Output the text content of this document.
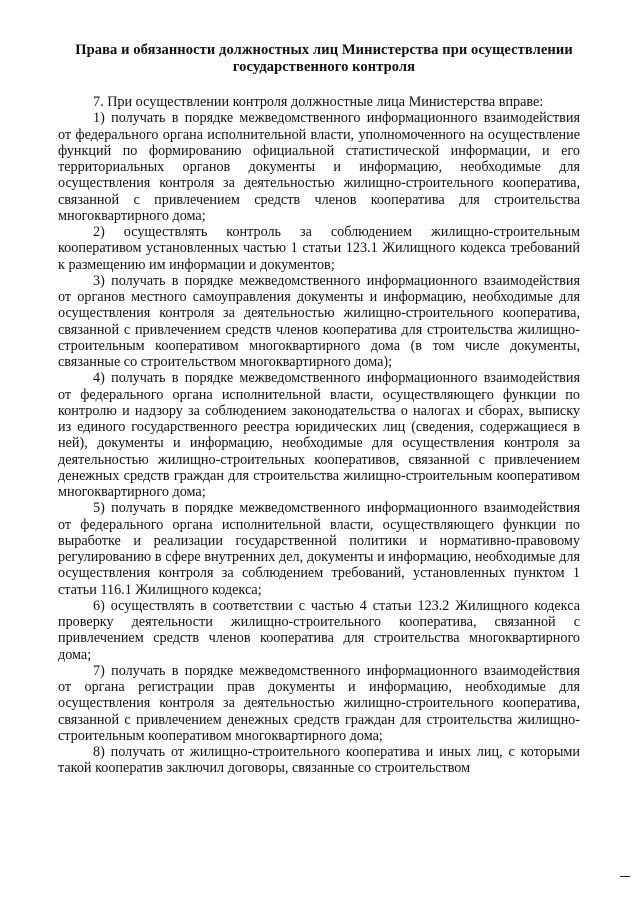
Права и обязанности должностных лиц Министерства при осуществлении
государственного контроля

7. При осуществлении контроля должностные лица Министерства вправе:

1) получать в порядке межведомственного информационного взаимодействия от федерального органа исполнительной власти, уполномоченного на осуществление функций по формированию официальной статистической информации, и его территориальных органов документы и информацию, необходимые для осуществления контроля за деятельностью жилищно-строительного кооператива, связанной с привлечением средств членов кооператива для строительства многоквартирного дома;

2) осуществлять контроль за соблюдением жилищно-строительным кооперативом установленных частью 1 статьи 123.1 Жилищного кодекса требований к размещению им информации и документов;

3) получать в порядке межведомственного информационного взаимодействия от органов местного самоуправления документы и информацию, необходимые для осуществления контроля за деятельностью жилищно-строительного кооператива, связанной с привлечением средств членов кооператива для строительства жилищно-строительным кооперативом многоквартирного дома (в том числе документы, связанные со строительством многоквартирного дома);

4) получать в порядке межведомственного информационного взаимодействия от федерального органа исполнительной власти, осуществляющего функции по контролю и надзору за соблюдением законодательства о налогах и сборах, выписку из единого государственного реестра юридических лиц (сведения, содержащиеся в ней), документы и информацию, необходимые для осуществления контроля за деятельностью жилищно-строительных кооперативов, связанной с привлечением денежных средств граждан для строительства жилищно-строительным кооперативом многоквартирного дома;

5) получать в порядке межведомственного информационного взаимодействия от федерального органа исполнительной власти, осуществляющего функции по выработке и реализации государственной политики и нормативно-правовому регулированию в сфере внутренних дел, документы и информацию, необходимые для осуществления контроля за соблюдением требований, установленных пунктом 1 статьи 116.1 Жилищного кодекса;

6) осуществлять в соответствии с частью 4 статьи 123.2 Жилищного кодекса проверку деятельности жилищно-строительного кооператива, связанной с привлечением средств членов кооператива для строительства многоквартирного дома;

7) получать в порядке межведомственного информационного взаимодействия от органа регистрации прав документы и информацию, необходимые для осуществления контроля за деятельностью жилищно-строительного кооператива, связанной с привлечением денежных средств граждан для строительства жилищно-строительным кооперативом многоквартирного дома;

8) получать от жилищно-строительного кооператива и иных лиц, с которыми такой кооператив заключил договоры, связанные со строительством
